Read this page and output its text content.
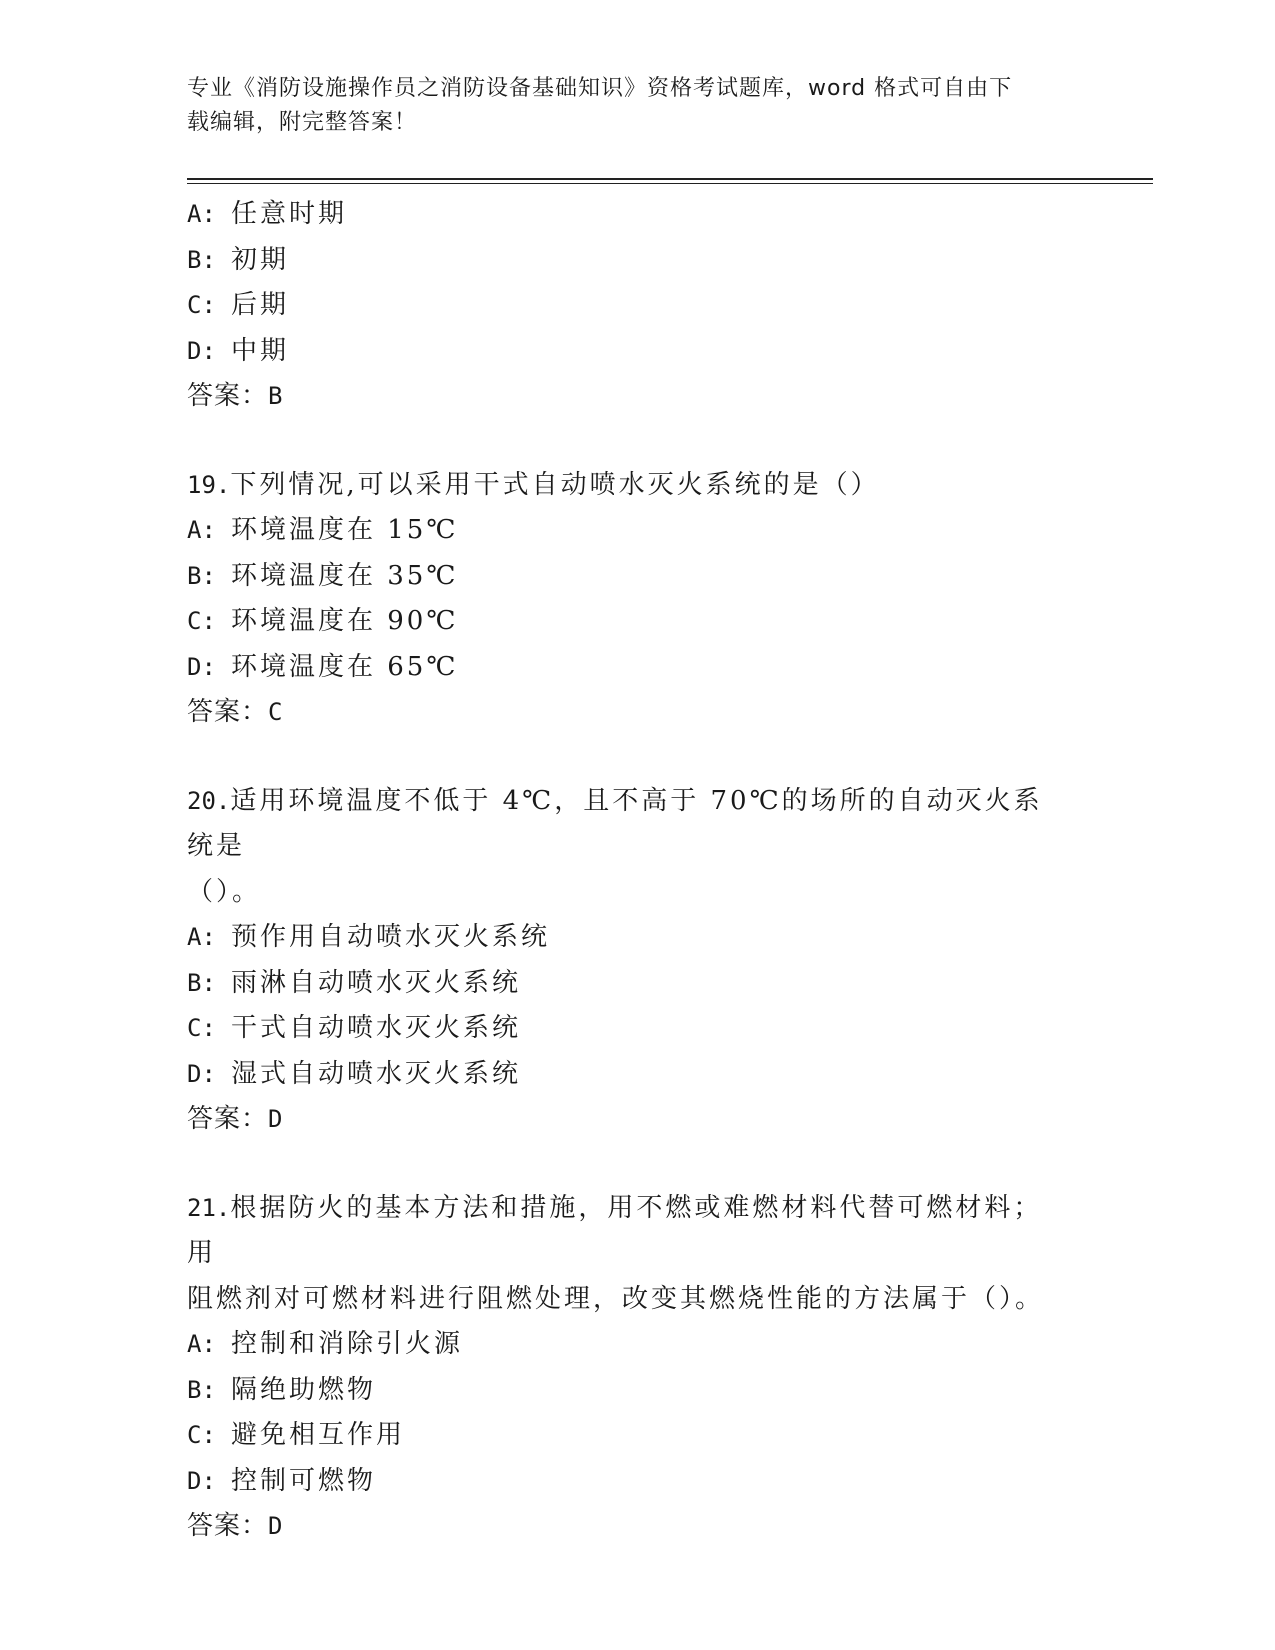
专业《消防设施操作员之消防设备基础知识》资格考试题库，word 格式可自由下
载编辑，附完整答案！
A: 任意时期
B: 初期
C: 后期
D: 中期
答案：B
19.下列情况,可以采用干式自动喷水灭火系统的是（）
A: 环境温度在 15℃
B: 环境温度在 35℃
C: 环境温度在 90℃
D: 环境温度在 65℃
答案：C
20.适用环境温度不低于 4℃，且不高于 70℃的场所的自动灭火系统是
（）。
A: 预作用自动喷水灭火系统
B: 雨淋自动喷水灭火系统
C: 干式自动喷水灭火系统
D: 湿式自动喷水灭火系统
答案：D
21.根据防火的基本方法和措施，用不燃或难燃材料代替可燃材料；用
阻燃剂对可燃材料进行阻燃处理，改变其燃烧性能的方法属于（）。
A: 控制和消除引火源
B: 隔绝助燃物
C: 避免相互作用
D: 控制可燃物
答案：D
